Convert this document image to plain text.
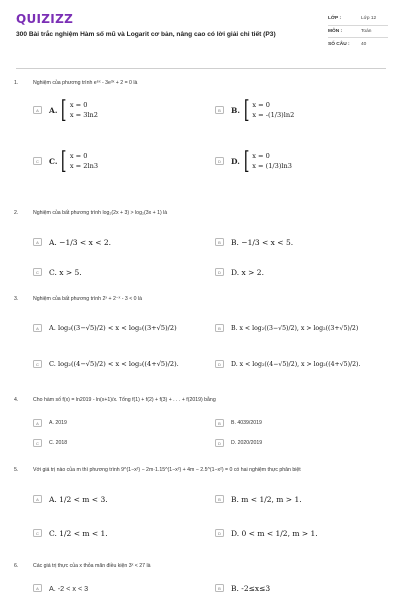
QUIZIZZ
300 Bài trắc nghiệm Hàm số mũ và Logarit cơ bản, nâng cao có lời giải chi tiết (P3)
LỚP :	Lớp 12
MÔN :	Toán
SỐ CÂU :	40
1.	Nghiệm của phương trình e⁶ˣ - 3e³ˣ + 2 = 0 là
A	A. [ x = 0
x = 3ln2
B	B. [ x = 0
x = -(1/3)ln2
C	C. [ x = 0
x = 2ln3
D	D. [ x = 0
x = (1/3)ln3
2.	Nghiệm của bất phương trình log₂(2x + 3) > log₂(3x + 1) là
A	A. −1/3 < x < 2.	B	B. −1/3 < x < 5.
C	C. x > 5.	D	D. x > 2.
3.	Nghiệm của bất phương trình 2ˣ + 2⁻ˣ - 3 < 0 là
A	A. log₂((3−√5)/2) < x < log₂((3+√5)/2)	B	B. x < log₂((3−√5)/2), x > log₂((3+√5)/2)
C	C. log₂((4−√5)/2) < x < log₂((4+√5)/2).	D	D. x < log₂((4−√5)/2), x > log₂((4+√5)/2).
4.	Cho hàm số f(x) = ln2019 - ln(x+1)/x. Tổng f(1) + f(2) + f(3) + . . . + f(2019) bằng
A	A. 2019	B	B. 4039/2019
C	C. 2018	D	D. 2020/2019
5.	Với giá trị nào của m thì phương trình 9^(1−x²) − 2m·1.15^(1−x²) + 4m − 2.5^(1−x²) = 0 có hai nghiệm thực phân biệt
A	A. 1/2 < m < 3.	B	B. m < 1/2, m > 1.
C	C. 1/2 < m < 1.	D	D. 0 < m < 1/2, m > 1.
6.	Các giá trị thực của x thỏa mãn điều kiện 3ˣ < 27 là
A	A. -2 < x < 3	B	B. -2≤x≤3
